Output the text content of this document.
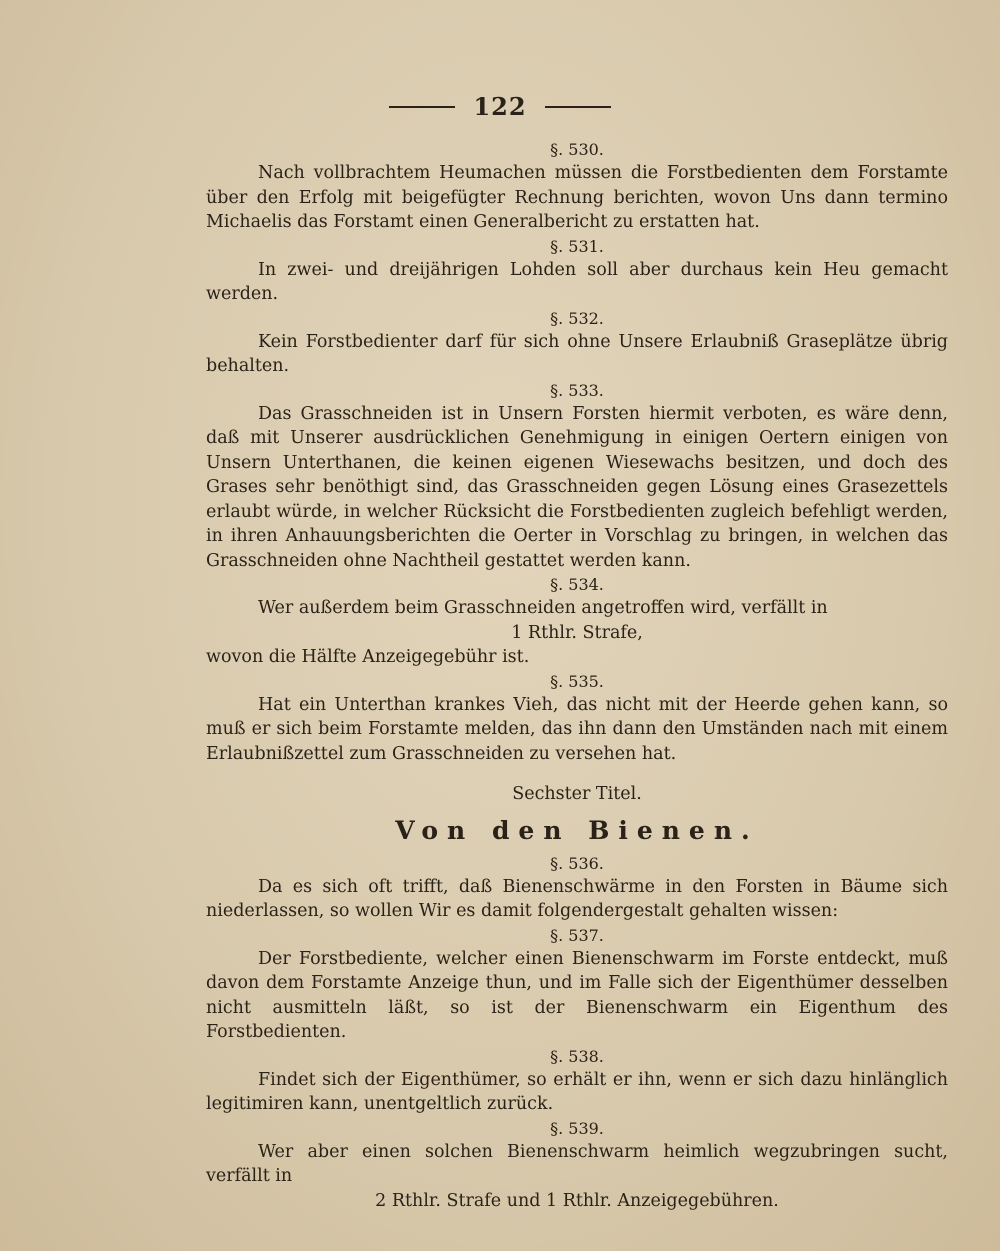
122
§. 530.

Nach vollbrachtem Heumachen müssen die Forstbedienten dem Forstamte über den Erfolg mit beigefügter Rechnung berichten, wovon Uns dann termino Michaelis das Forstamt einen Generalbericht zu erstatten hat.

§. 531.

In zwei- und dreijährigen Lohden soll aber durchaus kein Heu gemacht werden.

§. 532.

Kein Forstbedienter darf für sich ohne Unsere Erlaubniß Graseplätze übrig behalten.

§. 533.

Das Grasschneiden ist in Unsern Forsten hiermit verboten, es wäre denn, daß mit Unserer ausdrücklichen Genehmigung in einigen Oertern einigen von Unsern Unterthanen, die keinen eigenen Wiesewachs besitzen, und doch des Grases sehr benöthigt sind, das Grasschneiden gegen Lösung eines Grasezettels erlaubt würde, in welcher Rücksicht die Forstbedienten zugleich befehligt werden, in ihren Anhauungsberichten die Oerter in Vorschlag zu bringen, in welchen das Grasschneiden ohne Nachtheil gestattet werden kann.

§. 534.

Wer außerdem beim Grasschneiden angetroffen wird, verfällt in

1 Rthlr. Strafe,

wovon die Hälfte Anzeigegebühr ist.

§. 535.

Hat ein Unterthan krankes Vieh, das nicht mit der Heerde gehen kann, so muß er sich beim Forstamte melden, das ihn dann den Umständen nach mit einem Erlaubnißzettel zum Grasschneiden zu versehen hat.

Sechster Titel.
Von den Bienen.
§. 536.

Da es sich oft trifft, daß Bienenschwärme in den Forsten in Bäume sich niederlassen, so wollen Wir es damit folgendergestalt gehalten wissen:

§. 537.

Der Forstbediente, welcher einen Bienenschwarm im Forste entdeckt, muß davon dem Forstamte Anzeige thun, und im Falle sich der Eigenthümer desselben nicht ausmitteln läßt, so ist der Bienenschwarm ein Eigenthum des Forstbedienten.

§. 538.

Findet sich der Eigenthümer, so erhält er ihn, wenn er sich dazu hinlänglich legitimiren kann, unentgeltlich zurück.

§. 539.

Wer aber einen solchen Bienenschwarm heimlich wegzubringen sucht, verfällt in

2 Rthlr. Strafe und 1 Rthlr. Anzeigegebühren.
